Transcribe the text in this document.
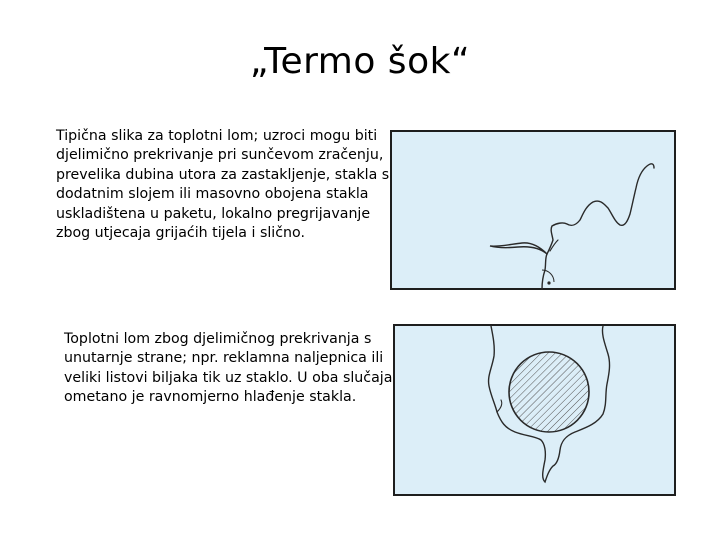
„Termo šok“

Tipična slika za toplotni lom; uzroci mogu biti djelimično prekrivanje pri sunčevom zračenju, prevelika dubina utora za zastakljenje, stakla s dodatnim slojem ili masovno obojena stakla uskladištena u paketu, lokalno pregrijavanje zbog utjecaja grijaćih tijela i slično.

Toplotni lom zbog djelimičnog prekrivanja s unutarnje strane; npr. reklamna naljepnica ili veliki listovi biljaka tik uz staklo. U oba slučaja ometano je ravnomjerno hlađenje stakla.
